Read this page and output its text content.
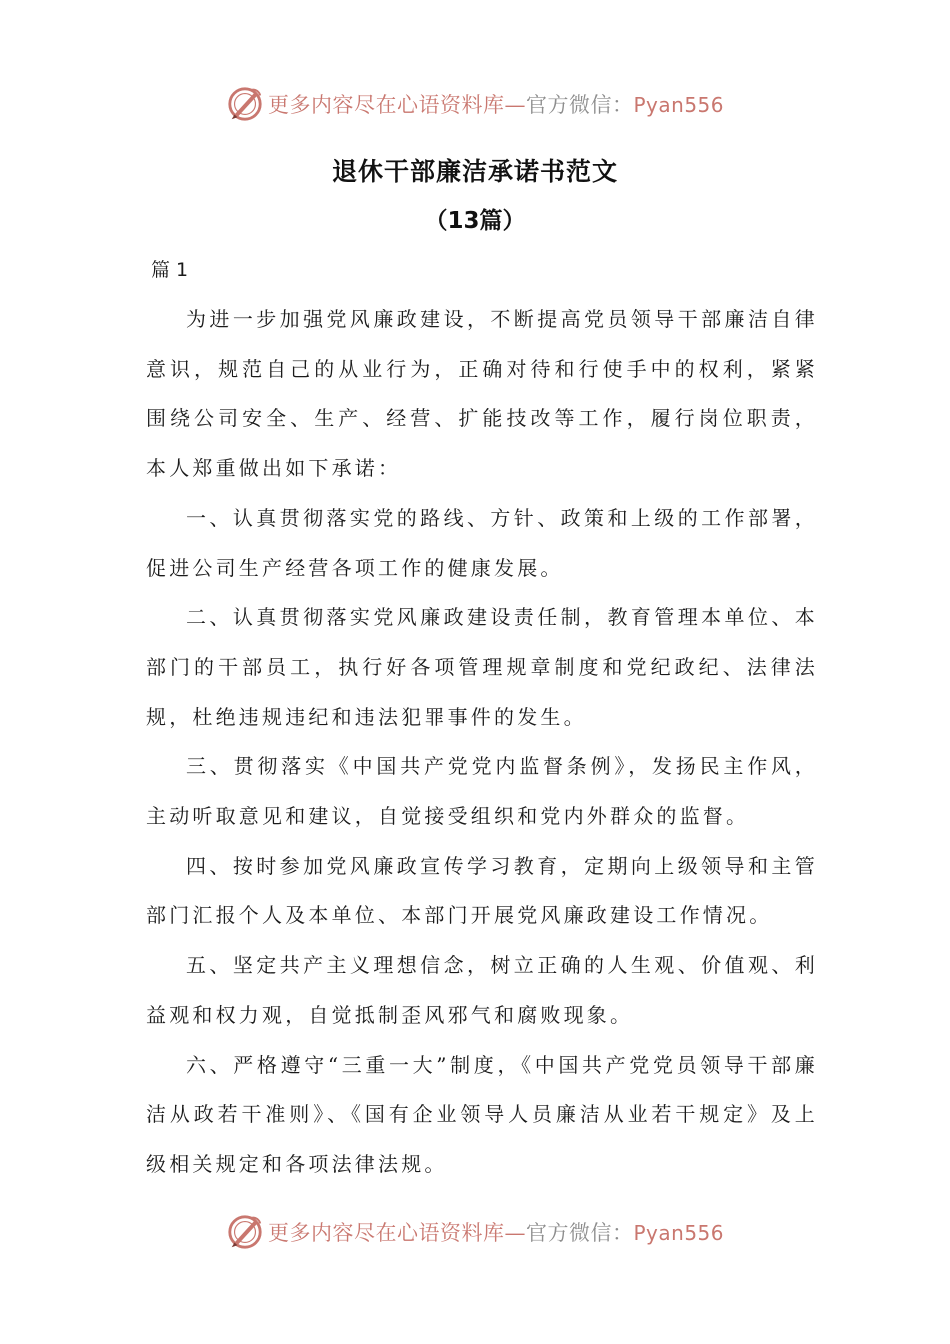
更多内容尽在心语资料库—官方微信：Pyan556
退休干部廉洁承诺书范文
（13篇）
篇 1

为进一步加强党风廉政建设，不断提高党员领导干部廉洁自律意识，规范自己的从业行为，正确对待和行使手中的权利，紧紧围绕公司安全、生产、经营、扩能技改等工作，履行岗位职责，本人郑重做出如下承诺：

一、认真贯彻落实党的路线、方针、政策和上级的工作部署，促进公司生产经营各项工作的健康发展。

二、认真贯彻落实党风廉政建设责任制，教育管理本单位、本部门的干部员工，执行好各项管理规章制度和党纪政纪、法律法规，杜绝违规违纪和违法犯罪事件的发生。

三、贯彻落实《中国共产党党内监督条例》，发扬民主作风，主动听取意见和建议，自觉接受组织和党内外群众的监督。

四、按时参加党风廉政宣传学习教育，定期向上级领导和主管部门汇报个人及本单位、本部门开展党风廉政建设工作情况。

五、坚定共产主义理想信念，树立正确的人生观、价值观、利益观和权力观，自觉抵制歪风邪气和腐败现象。

六、严格遵守“三重一大”制度，《中国共产党党员领导干部廉洁从政若干准则》、《国有企业领导人员廉洁从业若干规定》及上级相关规定和各项法律法规。

更多内容尽在心语资料库—官方微信：Pyan556
